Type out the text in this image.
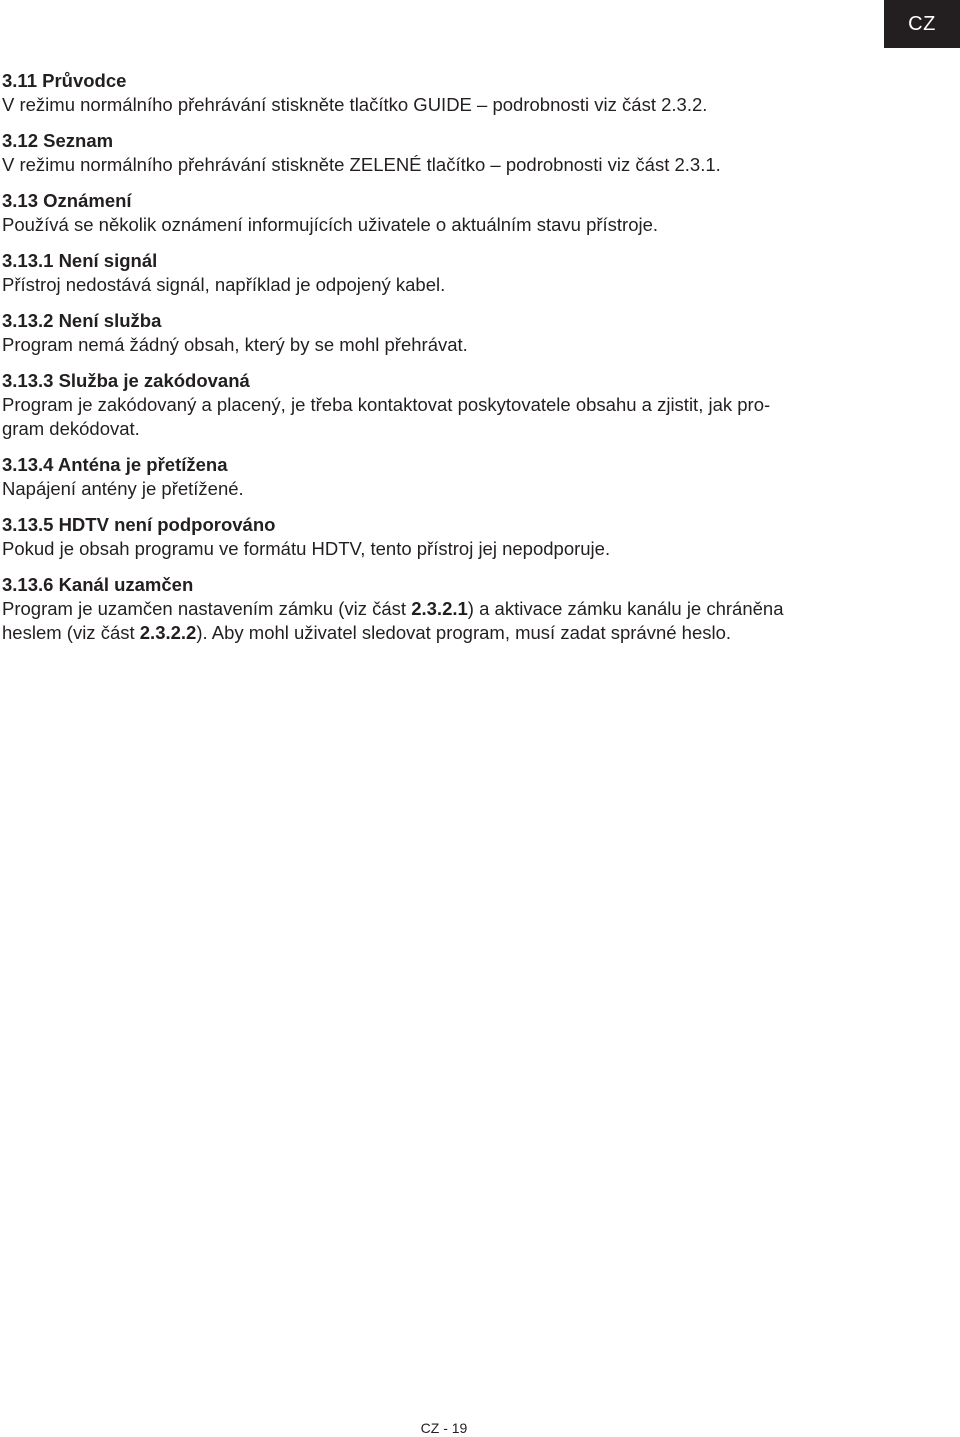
CZ

3.11 Průvodce

V režimu normálního přehrávání stiskněte tlačítko GUIDE – podrobnosti viz část 2.3.2.

3.12 Seznam

V režimu normálního přehrávání stiskněte ZELENÉ tlačítko – podrobnosti viz část 2.3.1.

3.13 Oznámení

Používá se několik oznámení informujících uživatele o aktuálním stavu přístroje.

3.13.1 Není signál

Přístroj nedostává signál, například je odpojený kabel.

3.13.2 Není služba

Program nemá žádný obsah, který by se mohl přehrávat.

3.13.3 Služba je zakódovaná

Program je zakódovaný a placený, je třeba kontaktovat poskytovatele obsahu a zjistit, jak pro-
gram dekódovat.

3.13.4 Anténa je přetížena

Napájení antény je přetížené.

3.13.5 HDTV není podporováno

Pokud je obsah programu ve formátu HDTV, tento přístroj jej nepodporuje.

3.13.6 Kanál uzamčen

Program je uzamčen nastavením zámku (viz část 2.3.2.1) a aktivace zámku kanálu je chráněna
heslem (viz část 2.3.2.2). Aby mohl uživatel sledovat program, musí zadat správné heslo.

CZ - 19
